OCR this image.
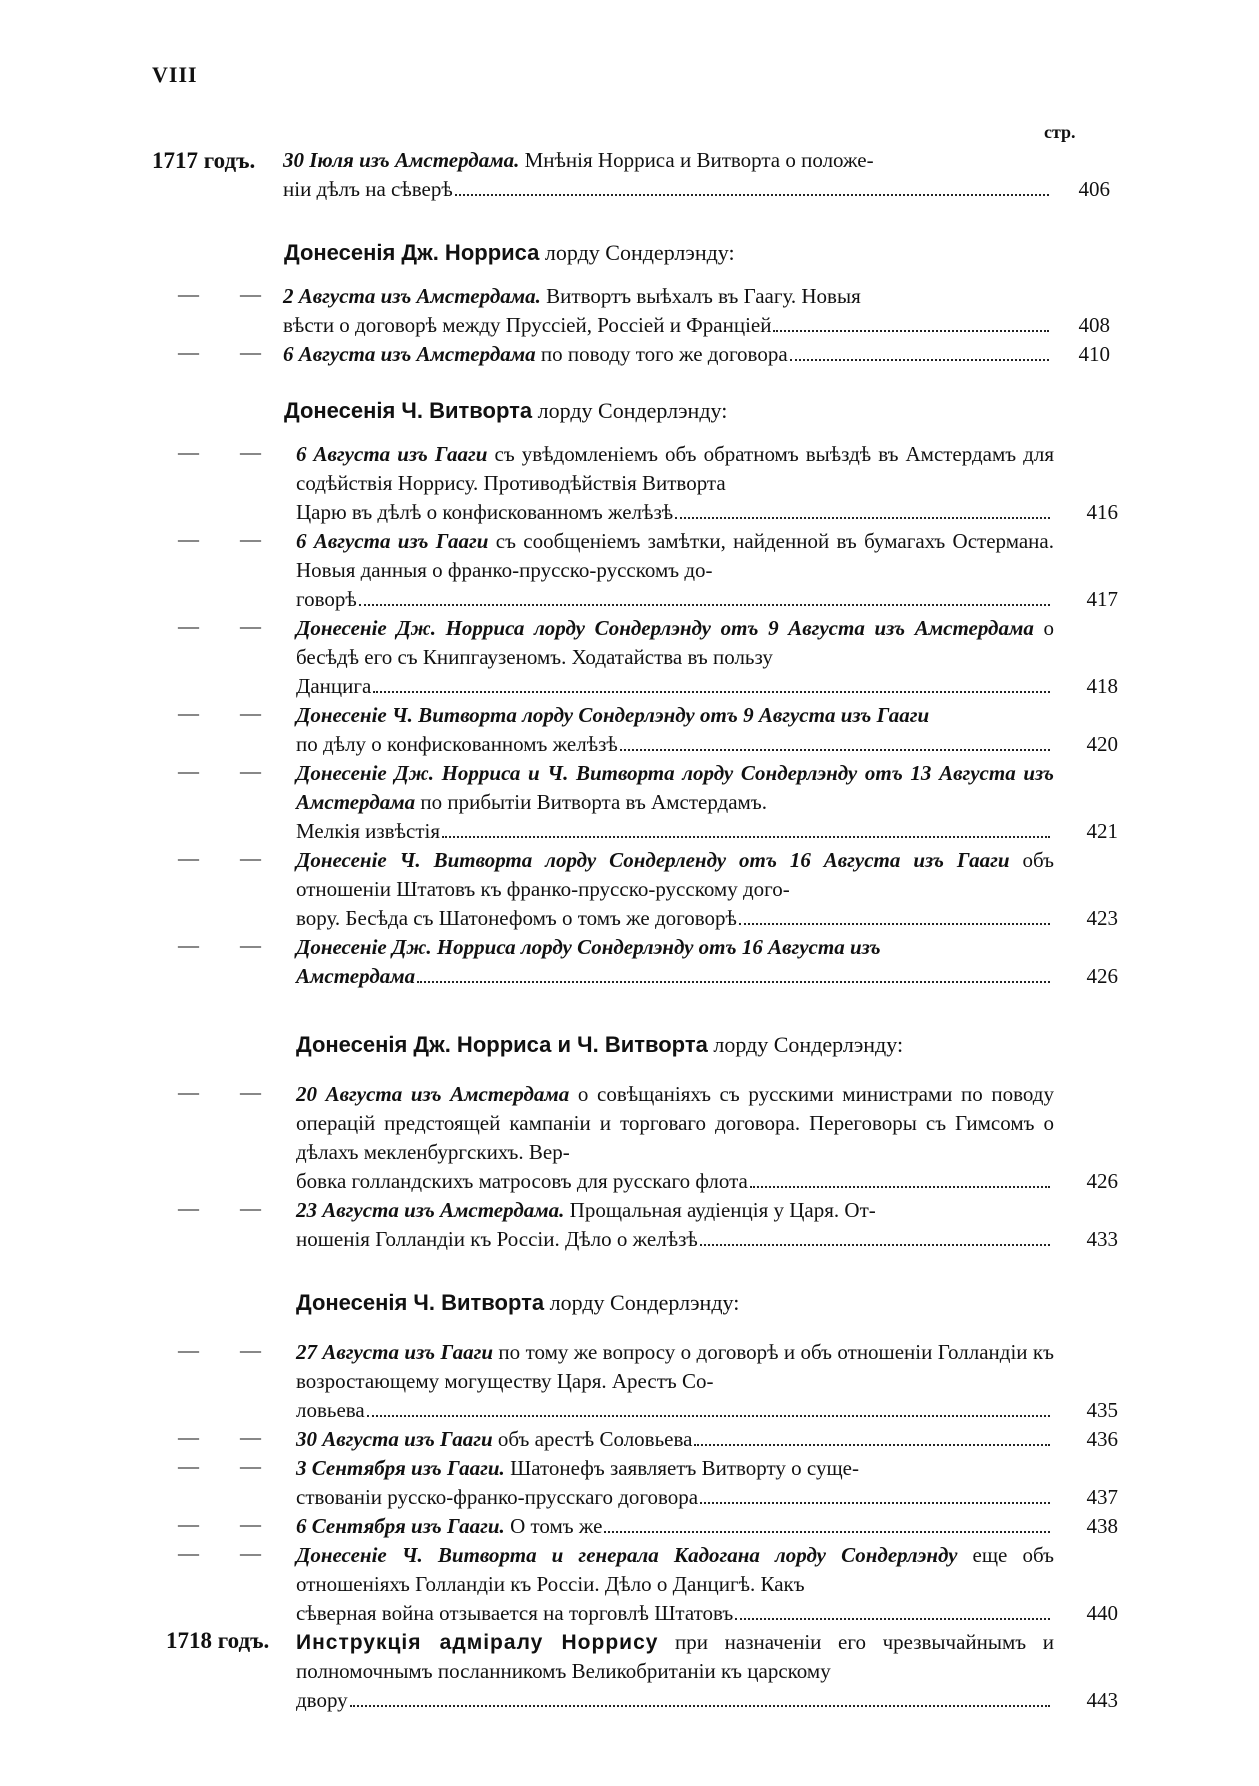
VIII
стр.
1717 годъ. 30 Іюля изъ Амстердама. Мнѣнія Норриса и Витворта о положе-
ніи дѣлъ на сѣверѣ	406
Донесенія Дж. Норриса лорду Сондерлэнду:
— — 2 Августа изъ Амстердама. Витвортъ выѣхалъ въ Гаагу. Новыя
вѣсти о договорѣ между Пруссіей, Россіей и Франціей	408
— — 6 Августа изъ Амстердама по поводу того же договора	410
Донесенія Ч. Витворта лорду Сондерлэнду:
— — 6 Августа изъ Гааги съ увѣдомленіемъ объ обратномъ выѣздѣ въ Амстердамъ для содѣйствія Норрису. Противодѣйствія Витворта
Царю въ дѣлѣ о конфискованномъ желѣзѣ	416
— — 6 Августа изъ Гааги съ сообщеніемъ замѣтки, найденной въ бумагахъ Остермана. Новыя данныя о франко-прусско-русскомъ до-
говорѣ	417
— — Донесеніе Дж. Норриса лорду Сондерлэнду отъ 9 Августа изъ Амстердама о бесѣдѣ его съ Книпгаузеномъ. Ходатайства въ пользу
Данцига	418
— — Донесеніе Ч. Витворта лорду Сондерлэнду отъ 9 Августа изъ Гааги
по дѣлу о конфискованномъ желѣзѣ	420
— — Донесеніе Дж. Норриса и Ч. Витворта лорду Сондерлэнду отъ 13 Августа изъ Амстердама по прибытіи Витворта въ Амстердамъ.
Мелкія извѣстія	421
— — Донесеніе Ч. Витворта лорду Сондерленду отъ 16 Августа изъ Гааги объ отношеніи Штатовъ къ франко-прусско-русскому дого-
вору. Бесѣда съ Шатонефомъ о томъ же договорѣ	423
— — Донесеніе Дж. Норриса лорду Сондерлэнду отъ 16 Августа изъ
Амстердама	426
Донесенія Дж. Норриса и Ч. Витворта лорду Сондерлэнду:
— — 20 Августа изъ Амстердама о совѣщаніяхъ съ русскими министрами по поводу операцій предстоящей кампаніи и торговаго договора. Переговоры съ Гимсомъ о дѣлахъ мекленбургскихъ. Вер-
бовка голландскихъ матросовъ для русскаго флота	426
— — 23 Августа изъ Амстердама. Прощальная аудіенція у Царя. От-
ношенія Голландіи къ Россіи. Дѣло о желѣзѣ	433
Донесенія Ч. Витворта лорду Сондерлэнду:
— — 27 Августа изъ Гааги по тому же вопросу о договорѣ и объ отношеніи Голландіи къ возростающему могуществу Царя. Арестъ Со-
ловьева	435
— — 30 Августа изъ Гааги объ арестѣ Соловьева	436
— — 3 Сентября изъ Гааги. Шатонефъ заявляетъ Витворту о суще-
ствованіи русско-франко-прусскаго договора	437
— — 6 Сентября изъ Гааги. О томъ же	438
— — Донесеніе Ч. Витворта и генерала Кадогана лорду Сондерлэнду еще объ отношеніяхъ Голландіи къ Россіи. Дѣло о Данцигѣ. Какъ
сѣверная война отзывается на торговлѣ Штатовъ	440
1718 годъ. Инструкція адміралу Норрису при назначеніи его чрезвычайнымъ и полномочнымъ посланникомъ Великобританіи къ царскому
двору	443
